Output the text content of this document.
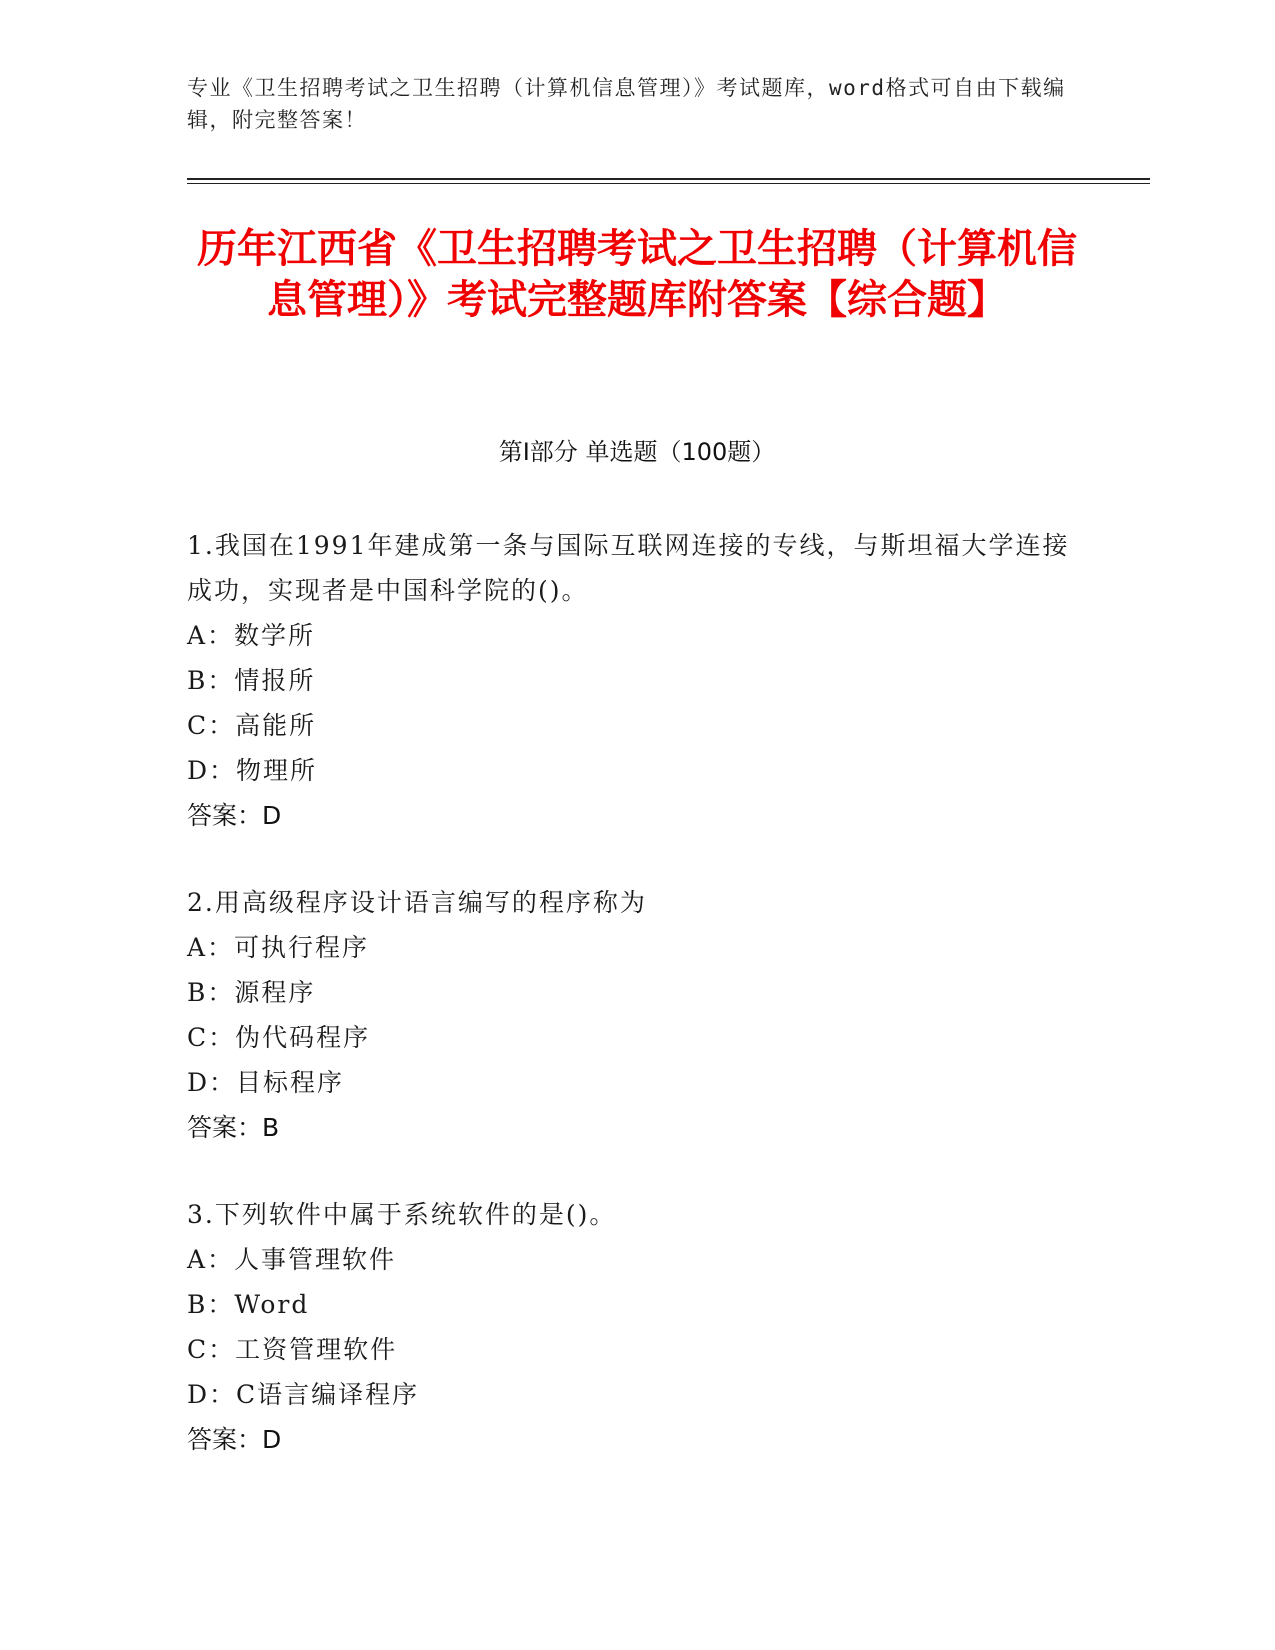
专业《卫生招聘考试之卫生招聘（计算机信息管理）》考试题库，word格式可自由下载编辑，附完整答案！
历年江西省《卫生招聘考试之卫生招聘（计算机信息管理）》考试完整题库附答案【综合题】
第I部分 单选题（100题）
1.我国在1991年建成第一条与国际互联网连接的专线，与斯坦福大学连接成功，实现者是中国科学院的()。
A：数学所
B：情报所
C：高能所
D：物理所
答案：D
2.用高级程序设计语言编写的程序称为
A：可执行程序
B：源程序
C：伪代码程序
D：目标程序
答案：B
3.下列软件中属于系统软件的是()。
A：人事管理软件
B：Word
C：工资管理软件
D：C语言编译程序
答案：D
